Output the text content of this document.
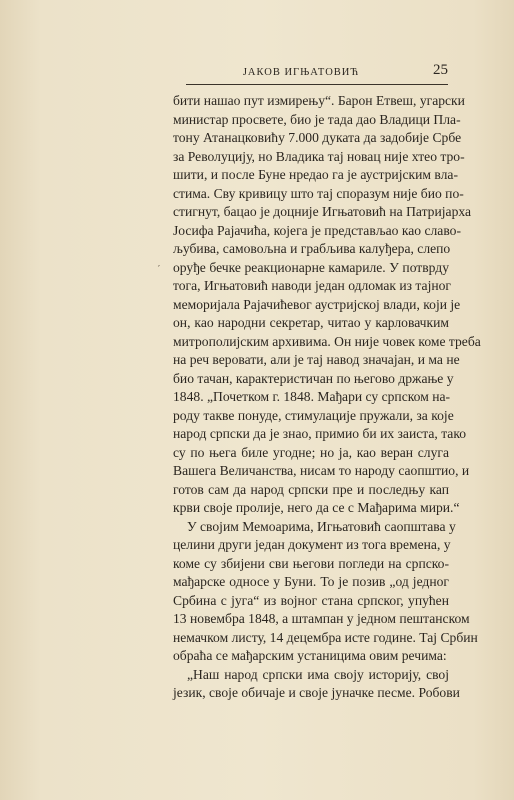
ЈАКОВ ИГЊАТОВИЋ	25
бити нашао пут измирењу“. Барон Етвеш, угарски
министар просвете, био је тада дао Владици Пла-
тону Атанацковићу 7.000 дуката да задобије Србе
за Револуцију, но Владика тај новац није хтео тро-
шити, и после Буне нредао га је аустријским вла-
стима. Сву кривицу што тај споразум није био по-
стигнут, бацао је доцније Игњатовић на Патријарха
Јосифа Рајачића, којега је представљао као славо-
љубива, самовољна и грабљива калуђера, слепо
оруђе бечке реакционарне камариле. У потврду
тога, Игњатовић наводи један одломак из тајног
меморијала Рајачићевог аустријској влади, који је
он, као народни секретар, читао у карловачким
митрополијским архивима. Он није човек коме треба
на реч веровати, али је тај навод значајан, и ма не
био тачан, карактеристичан по његово држање у
1848. „Почетком г. 1848. Мађари су српском на-
роду такве понуде, стимулације пружали, за које
народ српски да је знао, примио би их заиста, тако
су по њега биле угодне; но ја, као веран слуга
Вашега Величанства, нисам то народу саопштио, и
готов сам да народ српски пре и последњу кап
крви своје пролије, него да се с Мађарима мири.“
У својим Мемоарима, Игњатовић саопштава у
целини други један документ из тога времена, у
коме су збијени сви његови погледи на српско-
мађарске односе у Буни. То је позив „од једног
Србина с југа“ из војног стана српског, упућен
13 новембра 1848, а штампан у једном пештанском
немачком листу, 14 децембра исте године. Тај Србин
обраћа се мађарским устаницима овим речима:
„Наш народ српски има своју историју, свој
језик, своје обичаје и своје јуначке песме. Робови
